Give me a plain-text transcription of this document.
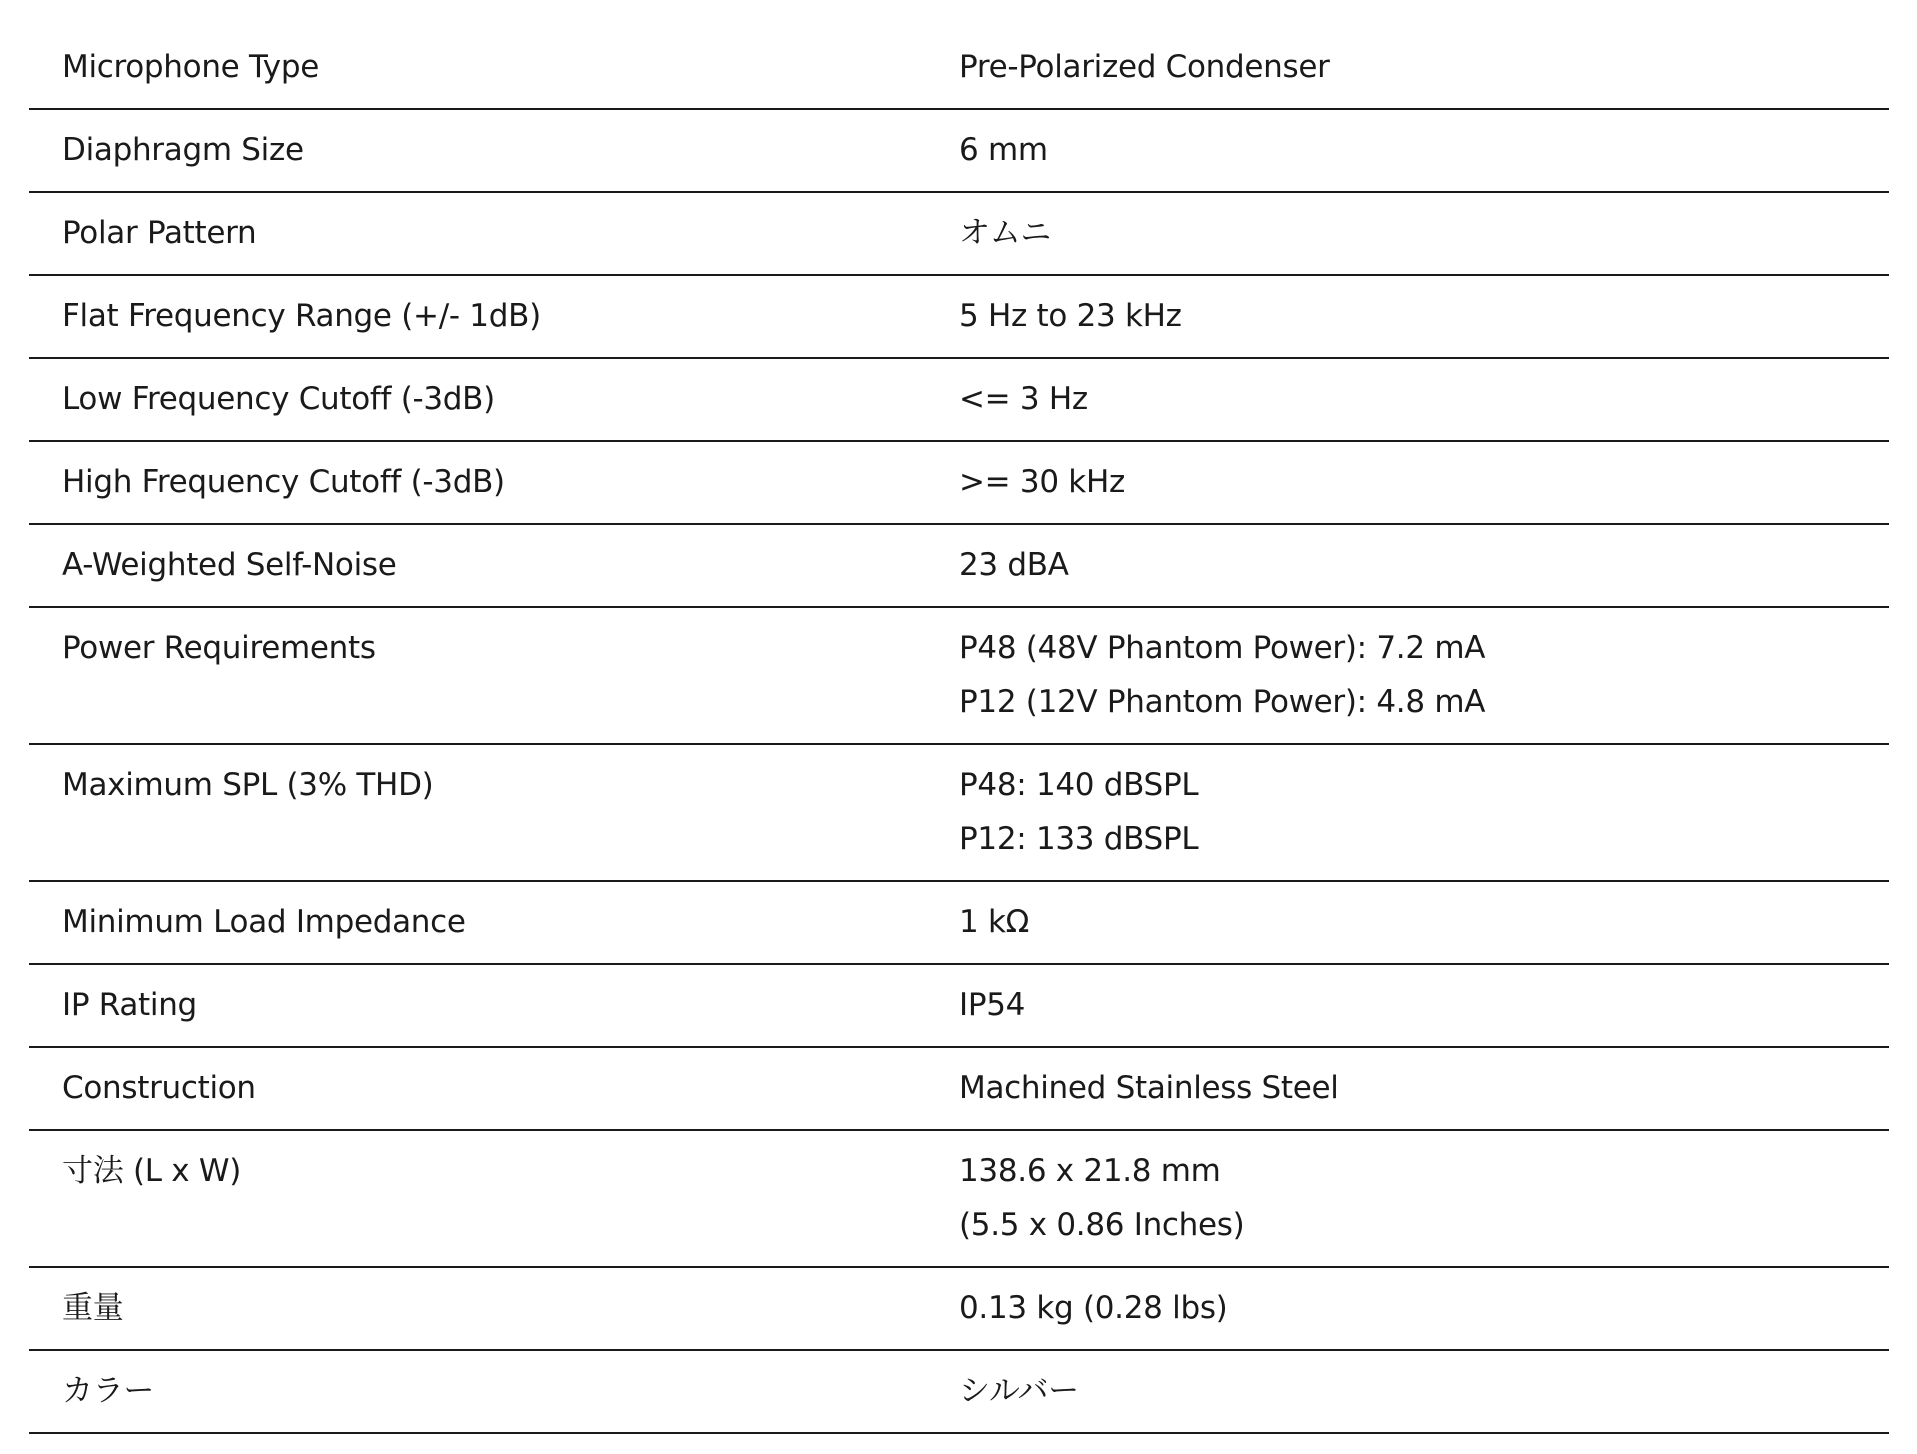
Microphone Type	Pre-Polarized Condenser
Diaphragm Size	6 mm
Polar Pattern	オムニ
Flat Frequency Range (+/- 1dB)	5 Hz to 23 kHz
Low Frequency Cutoff (-3dB)	<= 3 Hz
High Frequency Cutoff (-3dB)	>= 30 kHz
A-Weighted Self-Noise	23 dBA
Power Requirements	P48 (48V Phantom Power): 7.2 mA
P12 (12V Phantom Power): 4.8 mA
Maximum SPL (3% THD)	P48: 140 dBSPL
P12: 133 dBSPL
Minimum Load Impedance	1 kΩ
IP Rating	IP54
Construction	Machined Stainless Steel
寸法 (L x W)	138.6 x 21.8 mm
(5.5 x 0.86 Inches)
重量	0.13 kg (0.28 lbs)
カラー	シルバー
